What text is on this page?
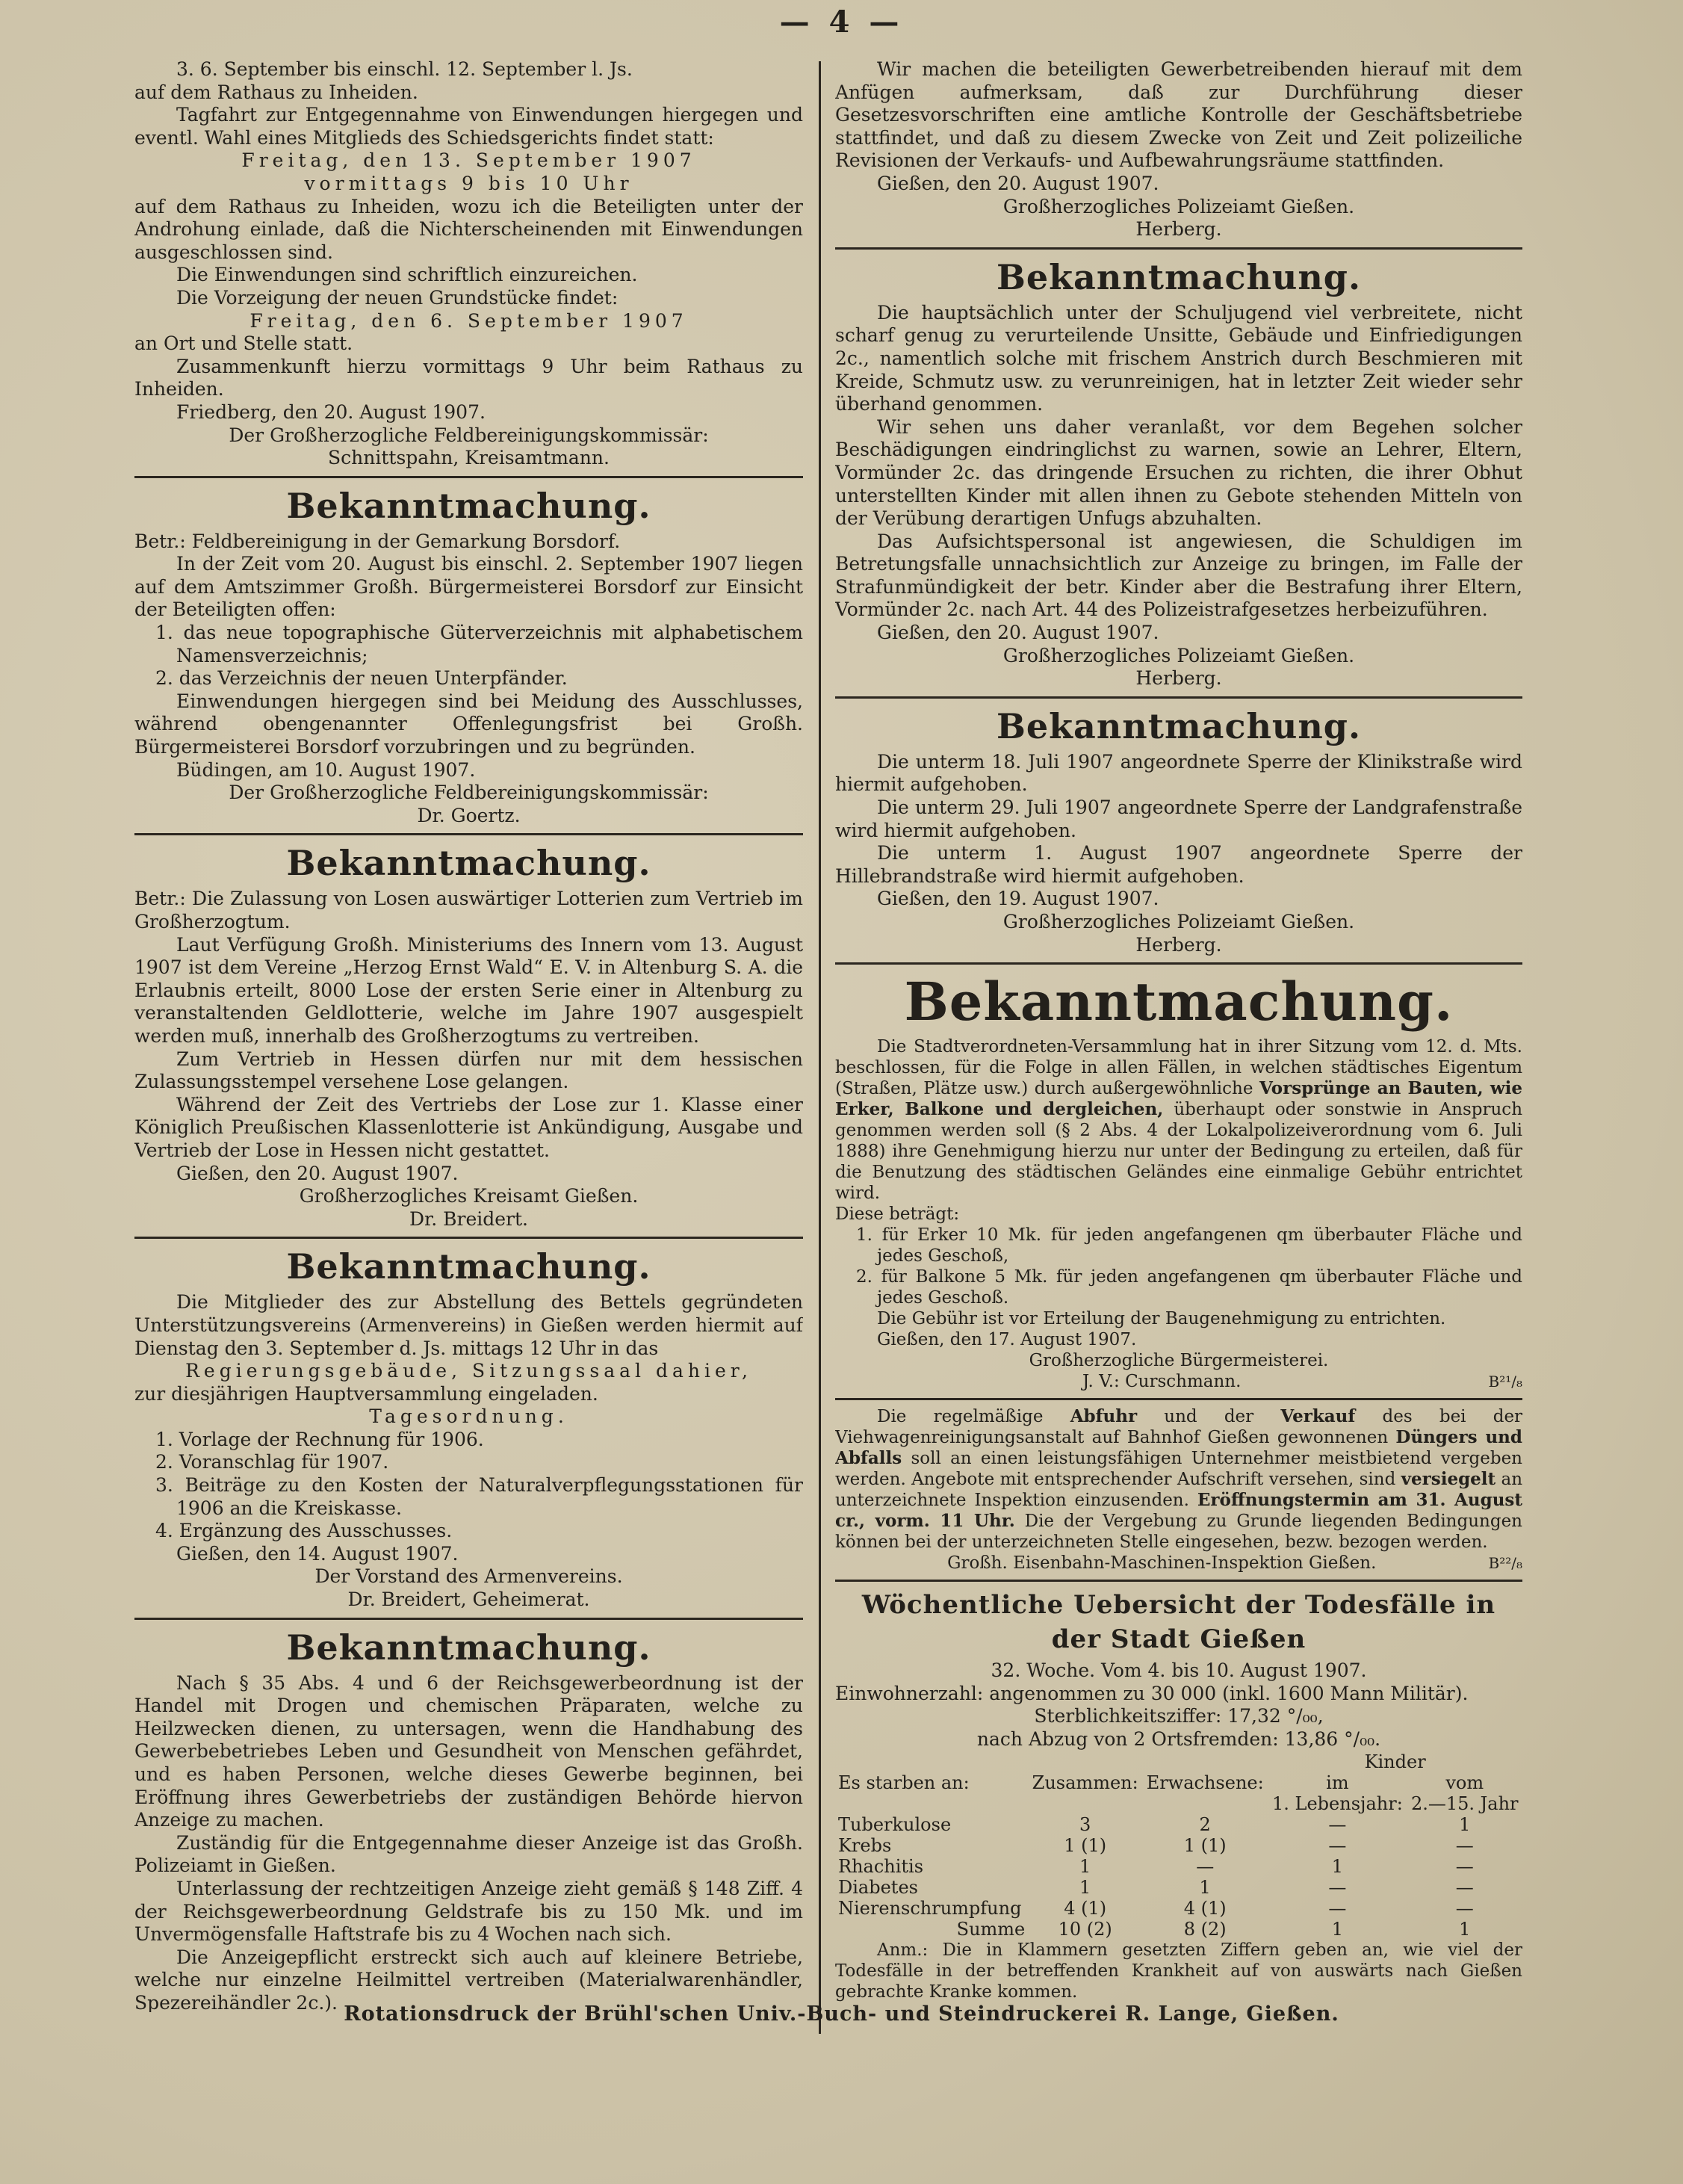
— 4 —

3. 6. September bis einschl. 12. September l. Js.

auf dem Rathaus zu Inheiden.

Tagfahrt zur Entgegennahme von Einwendungen hiergegen und eventl. Wahl eines Mitglieds des Schiedsgerichts findet statt:

Freitag, den 13. September 1907

vormittags 9 bis 10 Uhr

auf dem Rathaus zu Inheiden, wozu ich die Beteiligten unter der Androhung einlade, daß die Nichterscheinenden mit Einwendungen ausgeschlossen sind.

Die Einwendungen sind schriftlich einzureichen.

Die Vorzeigung der neuen Grundstücke findet:

Freitag, den 6. September 1907

an Ort und Stelle statt.

Zusammenkunft hierzu vormittags 9 Uhr beim Rathaus zu Inheiden.

Friedberg, den 20. August 1907.

Der Großherzogliche Feldbereinigungskommissär:

Schnittspahn, Kreisamtmann.

Bekanntmachung.

Betr.: Feldbereinigung in der Gemarkung Borsdorf.

In der Zeit vom 20. August bis einschl. 2. September 1907 liegen auf dem Amtszimmer Großh. Bürgermeisterei Borsdorf zur Einsicht der Beteiligten offen:

1. das neue topographische Güterverzeichnis mit alphabetischem Namensverzeichnis;

2. das Verzeichnis der neuen Unterpfänder.

Einwendungen hiergegen sind bei Meidung des Ausschlusses, während obengenannter Offenlegungsfrist bei Großh. Bürgermeisterei Borsdorf vorzubringen und zu begründen.

Büdingen, am 10. August 1907.

Der Großherzogliche Feldbereinigungskommissär:

Dr. Goertz.

Bekanntmachung.

Betr.: Die Zulassung von Losen auswärtiger Lotterien zum Vertrieb im Großherzogtum.

Laut Verfügung Großh. Ministeriums des Innern vom 13. August 1907 ist dem Vereine „Herzog Ernst Wald“ E. V. in Altenburg S. A. die Erlaubnis erteilt, 8000 Lose der ersten Serie einer in Altenburg zu veranstaltenden Geldlotterie, welche im Jahre 1907 ausgespielt werden muß, innerhalb des Großherzogtums zu vertreiben.

Zum Vertrieb in Hessen dürfen nur mit dem hessischen Zulassungsstempel versehene Lose gelangen.

Während der Zeit des Vertriebs der Lose zur 1. Klasse einer Königlich Preußischen Klassenlotterie ist Ankündigung, Ausgabe und Vertrieb der Lose in Hessen nicht gestattet.

Gießen, den 20. August 1907.

Großherzogliches Kreisamt Gießen.

Dr. Breidert.

Bekanntmachung.

Die Mitglieder des zur Abstellung des Bettels gegründeten Unterstützungsvereins (Armenvereins) in Gießen werden hiermit auf Dienstag den 3. September d. Js. mittags 12 Uhr in das

Regierungsgebäude, Sitzungssaal dahier,

zur diesjährigen Hauptversammlung eingeladen.

Tagesordnung.

1. Vorlage der Rechnung für 1906.

2. Voranschlag für 1907.

3. Beiträge zu den Kosten der Naturalverpflegungsstationen für 1906 an die Kreiskasse.

4. Ergänzung des Ausschusses.

Gießen, den 14. August 1907.

Der Vorstand des Armenvereins.

Dr. Breidert, Geheimerat.

Bekanntmachung.

Nach § 35 Abs. 4 und 6 der Reichsgewerbeordnung ist der Handel mit Drogen und chemischen Präparaten, welche zu Heilzwecken dienen, zu untersagen, wenn die Handhabung des Gewerbebetriebes Leben und Gesundheit von Menschen gefährdet, und es haben Personen, welche dieses Gewerbe beginnen, bei Eröffnung ihres Gewerbetriebs der zuständigen Behörde hiervon Anzeige zu machen.

Zuständig für die Entgegennahme dieser Anzeige ist das Großh. Polizeiamt in Gießen.

Unterlassung der rechtzeitigen Anzeige zieht gemäß § 148 Ziff. 4 der Reichsgewerbeordnung Geldstrafe bis zu 150 Mk. und im Unvermögensfalle Haftstrafe bis zu 4 Wochen nach sich.

Die Anzeigepflicht erstreckt sich auch auf kleinere Betriebe, welche nur einzelne Heilmittel vertreiben (Materialwarenhändler, Spezereihändler 2c.).

Wir machen die beteiligten Gewerbetreibenden hierauf mit dem Anfügen aufmerksam, daß zur Durchführung dieser Gesetzesvorschriften eine amtliche Kontrolle der Geschäftsbetriebe stattfindet, und daß zu diesem Zwecke von Zeit und Zeit polizeiliche Revisionen der Verkaufs- und Aufbewahrungsräume stattfinden.

Gießen, den 20. August 1907.

Großherzogliches Polizeiamt Gießen.

Herberg.

Bekanntmachung.

Die hauptsächlich unter der Schuljugend viel verbreitete, nicht scharf genug zu verurteilende Unsitte, Gebäude und Einfriedigungen 2c., namentlich solche mit frischem Anstrich durch Beschmieren mit Kreide, Schmutz usw. zu verunreinigen, hat in letzter Zeit wieder sehr überhand genommen.

Wir sehen uns daher veranlaßt, vor dem Begehen solcher Beschädigungen eindringlichst zu warnen, sowie an Lehrer, Eltern, Vormünder 2c. das dringende Ersuchen zu richten, die ihrer Obhut unterstellten Kinder mit allen ihnen zu Gebote stehenden Mitteln von der Verübung derartigen Unfugs abzuhalten.

Das Aufsichtspersonal ist angewiesen, die Schuldigen im Betretungsfalle unnachsichtlich zur Anzeige zu bringen, im Falle der Strafunmündigkeit der betr. Kinder aber die Bestrafung ihrer Eltern, Vormünder 2c. nach Art. 44 des Polizeistrafgesetzes herbeizuführen.

Gießen, den 20. August 1907.

Großherzogliches Polizeiamt Gießen.

Herberg.

Bekanntmachung.

Die unterm 18. Juli 1907 angeordnete Sperre der Klinikstraße wird hiermit aufgehoben.

Die unterm 29. Juli 1907 angeordnete Sperre der Landgrafenstraße wird hiermit aufgehoben.

Die unterm 1. August 1907 angeordnete Sperre der Hillebrandstraße wird hiermit aufgehoben.

Gießen, den 19. August 1907.

Großherzogliches Polizeiamt Gießen.

Herberg.

Bekanntmachung.

Die Stadtverordneten-Versammlung hat in ihrer Sitzung vom 12. d. Mts. beschlossen, für die Folge in allen Fällen, in welchen städtisches Eigentum (Straßen, Plätze usw.) durch außergewöhnliche Vorsprünge an Bauten, wie Erker, Balkone und dergleichen, überhaupt oder sonstwie in Anspruch genommen werden soll (§ 2 Abs. 4 der Lokalpolizeiverordnung vom 6. Juli 1888) ihre Genehmigung hierzu nur unter der Bedingung zu erteilen, daß für die Benutzung des städtischen Geländes eine einmalige Gebühr entrichtet wird.

Diese beträgt:

1. für Erker 10 Mk. für jeden angefangenen qm überbauter Fläche und jedes Geschoß,

2. für Balkone 5 Mk. für jeden angefangenen qm überbauter Fläche und jedes Geschoß.

Die Gebühr ist vor Erteilung der Baugenehmigung zu entrichten.

Gießen, den 17. August 1907.

Großherzogliche Bürgermeisterei.

J. V.: Curschmann.	B²¹/₈

Die regelmäßige Abfuhr und der Verkauf des bei der Viehwagenreinigungsanstalt auf Bahnhof Gießen gewonnenen Düngers und Abfalls soll an einen leistungsfähigen Unternehmer meistbietend vergeben werden. Angebote mit entsprechender Aufschrift versehen, sind versiegelt an unterzeichnete Inspektion einzusenden. Eröffnungstermin am 31. August cr., vorm. 11 Uhr. Die der Vergebung zu Grunde liegenden Bedingungen können bei der unterzeichneten Stelle eingesehen, bezw. bezogen werden.

Großh. Eisenbahn-Maschinen-Inspektion Gießen.	B²²/₈

Wöchentliche Uebersicht der Todesfälle in der Stadt Gießen

32. Woche. Vom 4. bis 10. August 1907.

Einwohnerzahl: angenommen zu 30 000 (inkl. 1600 Mann Militär).

Sterblichkeitsziffer: 17,32 °/₀₀,

nach Abzug von 2 Ortsfremden: 13,86 °/₀₀.

			Kinder	
Es starben an:	Zusammen:	Erwachsene:	im	vom
			1. Lebensjahr:	2.—15. Jahr
Tuberkulose	3	2	—	1
Krebs	1 (1)	1 (1)	—	—
Rhachitis	1	—	1	—
Diabetes	1	1	—	—
Nierenschrumpfung	4 (1)	4 (1)	—	—
Summe	10 (2)	8 (2)	1	1

Anm.: Die in Klammern gesetzten Ziffern geben an, wie viel der Todesfälle in der betreffenden Krankheit auf von auswärts nach Gießen gebrachte Kranke kommen.

Rotationsdruck der Brühl'schen Univ.-Buch- und Steindruckerei R. Lange, Gießen.
